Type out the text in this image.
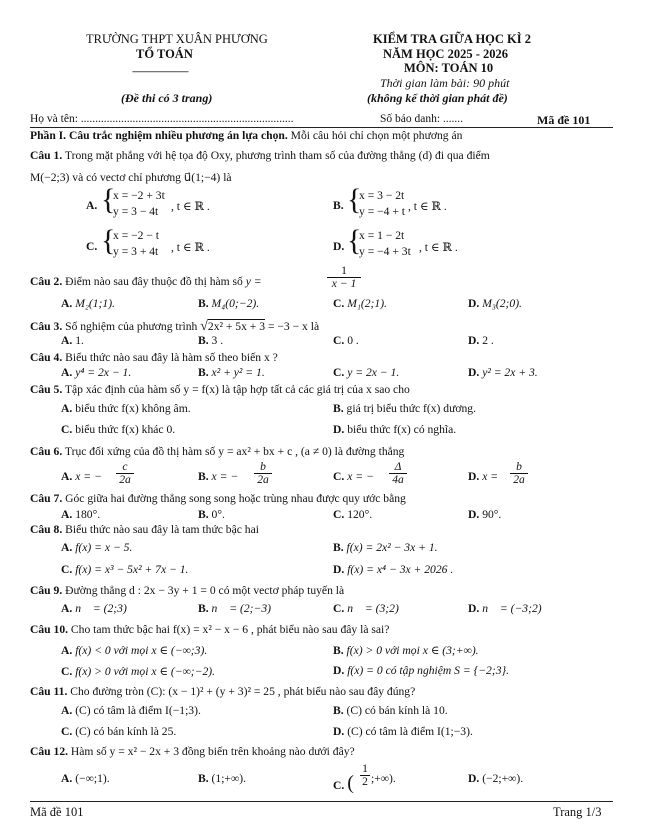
TRƯỜNG THPT XUÂN PHƯƠNG
TỔ TOÁN
----------------------------
(Đề thi có 3 trang)
KIỂM TRA GIỮA HỌC KÌ 2
NĂM HỌC 2025 - 2026
MÔN: TOÁN 10
Thời gian làm bài: 90 phút
(không kể thời gian phát đề)
Họ và tên: ..........................................................................	Số báo danh: .......	Mã đề 101
Phần I. Câu trắc nghiệm nhiều phương án lựa chọn. Mỗi câu hỏi chỉ chọn một phương án
Câu 1. Trong mặt phẳng với hệ tọa độ Oxy, phương trình tham số của đường thẳng (d) đi qua điểm
M(−2;3) và có vectơ chỉ phương u⃗(1;−4) là
A. {
x = −2 + 3t
y = 3 − 4t , t ∈ ℝ .	B. {
x = 3 − 2t
y = −4 + t , t ∈ ℝ .
C. {
x = −2 − t
y = 3 + 4t , t ∈ ℝ .	D. {
x = 1 − 2t
y = −4 + 3t , t ∈ ℝ .
Câu 2. Điểm nào sau đây thuộc đồ thị hàm số y =	$\frac{1}{x - 1}$
A. M₂(1;1).	B. M₄(0;−2).	C. M₁(2;1).	D. M₃(2;0).
Câu 3. Số nghiệm của phương trình √2x² + 5x + 3 = −3 − x là
A. 1.	B. 3 .	C. 0 .	D. 2 .
Câu 4. Biểu thức nào sau đây là hàm số theo biến x ?
A. y⁴ = 2x − 1.	B. x² + y² = 1.	C. y = 2x − 1.	D. y² = 2x + 3.
Câu 5. Tập xác định của hàm số y = f(x) là tập hợp tất cả các giá trị của x sao cho
A. biểu thức f(x) không âm.	B. giá trị biểu thức f(x) dương.
C. biểu thức f(x) khác 0.	D. biểu thức f(x) có nghĩa.
Câu 6. Trục đối xứng của đồ thị hàm số y = ax² + bx + c , (a ≠ 0) là đường thẳng
A. x = − $\frac{c}{2a}$	B. x = − $\frac{b}{2a}$	C. x = − $\frac{\Delta}{4a}$	D. $x = \frac{b}{2a}$
Câu 7. Góc giữa hai đường thẳng song song hoặc trùng nhau được quy ước bằng
A. 180°.	B. 0°.	C. 120°.	D. 90°.
Câu 8. Biểu thức nào sau đây là tam thức bậc hai
A. f(x) = x − 5.	B. f(x) = 2x² − 3x + 1.
C. f(x) = x³ − 5x² + 7x − 1.	D. f(x) = x⁴ − 3x + 2026 .
Câu 9. Đường thẳng d : 2x − 3y + 1 = 0 có một vectơ pháp tuyến là
A. n⃗ = (2;3)	B. n⃗ = (2;−3)	C. n⃗ = (3;2)	D. n⃗ = (−3;2)
Câu 10. Cho tam thức bậc hai f(x) = x² − x − 6 , phát biểu nào sau đây là sai?
A. f(x) < 0 với mọi x ∈ (−∞;3).	B. f(x) > 0 với mọi x ∈ (3;+∞).
C. f(x) > 0 với mọi x ∈ (−∞;−2).	D. f(x) = 0 có tập nghiệm S = {−2;3}.
Câu 11. Cho đường tròn (C): (x − 1)² + (y + 3)² = 25 , phát biểu nào sau đây đúng?
A. (C) có tâm là điểm I(−1;3).	B. (C) có bán kính là 10.
C. (C) có bán kính là 25.	D. (C) có tâm là điểm I(1;−3).
Câu 12. Hàm số y = x² − 2x + 3 đồng biến trên khoảng nào dưới đây?
A. (−∞;1).	B. (1;+∞).
C. ( $\frac{1}{2}$ ;+∞).	D. (−2;+∞).
Mã đề 101	Trang 1/3
